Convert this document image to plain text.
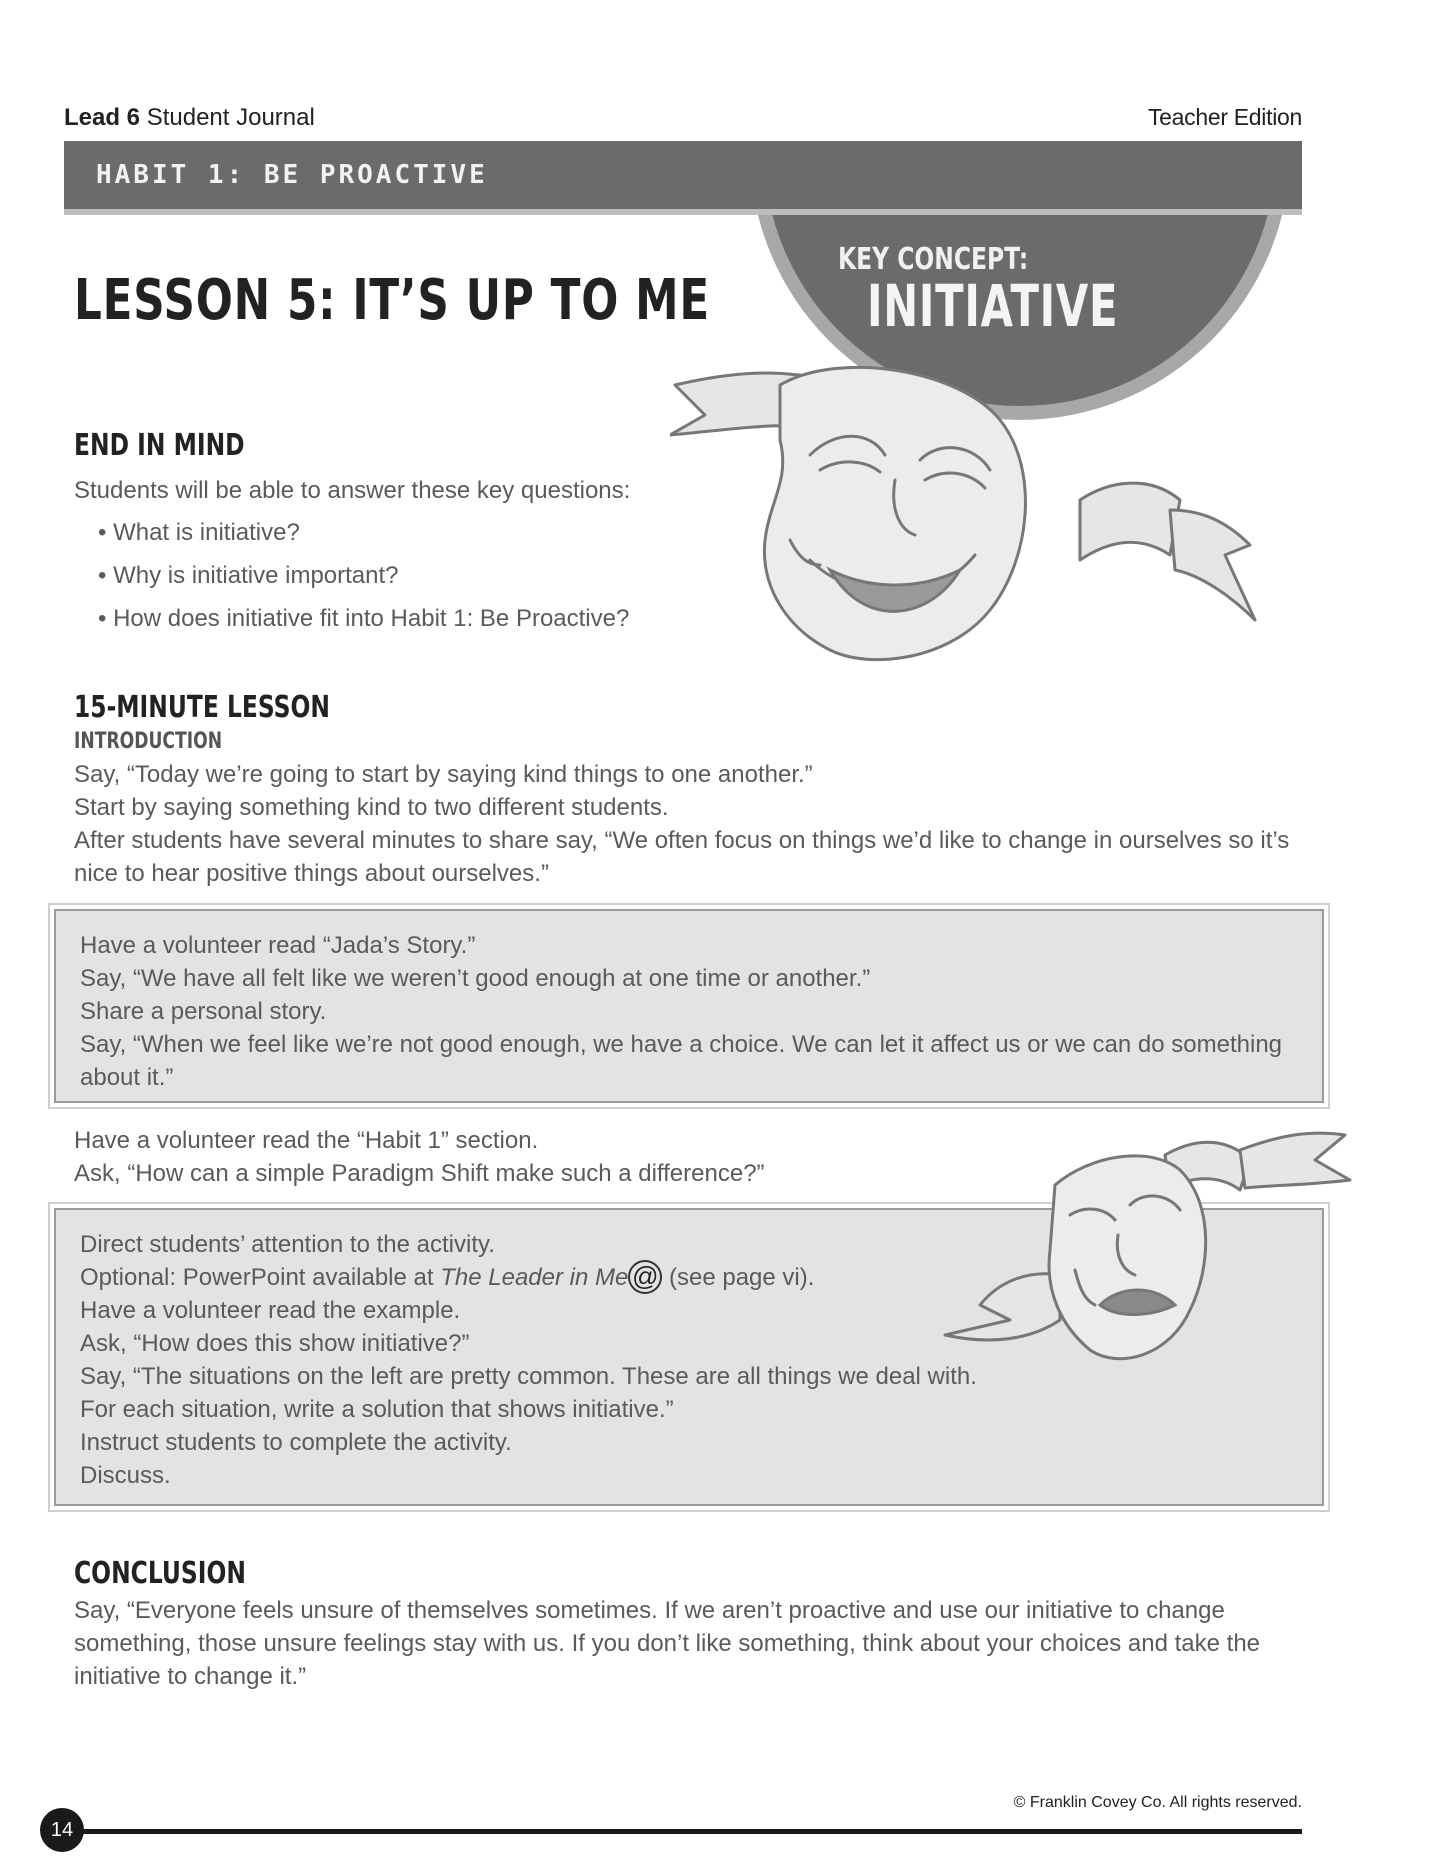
Lead 6 Student Journal	Teacher Edition
HABIT 1: BE PROACTIVE
KEY CONCEPT:
INITIATIVE
LESSON 5: IT’S UP TO ME
END IN MIND
Students will be able to answer these key questions:
• What is initiative?
• Why is initiative important?
• How does initiative fit into Habit 1: Be Proactive?
15-MINUTE LESSON
INTRODUCTION
Say, “Today we’re going to start by saying kind things to one another.”
Start by saying something kind to two different students.
After students have several minutes to share say, “We often focus on things we’d like to change in ourselves so it’s
nice to hear positive things about ourselves.”
Have a volunteer read “Jada’s Story.”
Say, “We have all felt like we weren’t good enough at one time or another.”
Share a personal story.
Say, “When we feel like we’re not good enough, we have a choice. We can let it affect us or we can do something
about it.”
Have a volunteer read the “Habit 1” section.
Ask, “How can a simple Paradigm Shift make such a difference?”
Direct students’ attention to the activity.
Optional: PowerPoint available at The Leader in Me @ (see page vi).
Have a volunteer read the example.
Ask, “How does this show initiative?”
Say, “The situations on the left are pretty common. These are all things we deal with.
For each situation, write a solution that shows initiative.”
Instruct students to complete the activity.
Discuss.
CONCLUSION
Say, “Everyone feels unsure of themselves sometimes. If we aren’t proactive and use our initiative to change
something, those unsure feelings stay with us. If you don’t like something, think about your choices and take the
initiative to change it.”
© Franklin Covey Co. All rights reserved.
14
